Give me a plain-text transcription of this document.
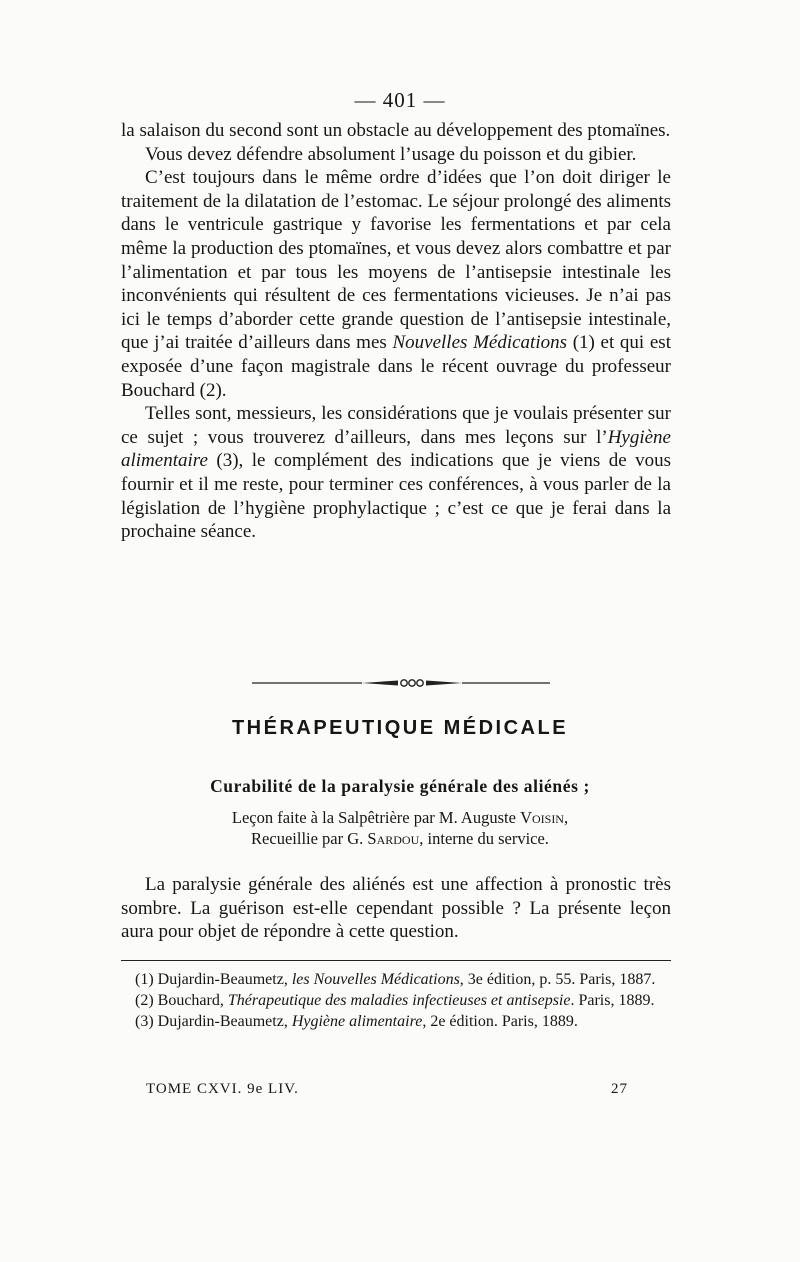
— 401 —

la salaison du second sont un obstacle au développement des ptomaïnes.

Vous devez défendre absolument l’usage du poisson et du gibier.

C’est toujours dans le même ordre d’idées que l’on doit diriger le traitement de la dilatation de l’estomac. Le séjour prolongé des aliments dans le ventricule gastrique y favorise les fermentations et par cela même la production des ptomaïnes, et vous devez alors combattre et par l’alimentation et par tous les moyens de l’antisepsie intestinale les inconvénients qui résultent de ces fermentations vicieuses. Je n’ai pas ici le temps d’aborder cette grande question de l’antisepsie intestinale, que j’ai traitée d’ailleurs dans mes Nouvelles Médications (1) et qui est exposée d’une façon magistrale dans le récent ouvrage du professeur Bouchard (2).

Telles sont, messieurs, les considérations que je voulais présenter sur ce sujet ; vous trouverez d’ailleurs, dans mes leçons sur l’Hygiène alimentaire (3), le complément des indications que je viens de vous fournir et il me reste, pour terminer ces conférences, à vous parler de la législation de l’hygiène prophylactique ; c’est ce que je ferai dans la prochaine séance.

THÉRAPEUTIQUE MÉDICALE
Curabilité de la paralysie générale des aliénés ;
Leçon faite à la Salpêtrière par M. Auguste Voisin,
Recueillie par G. Sardou, interne du service.

La paralysie générale des aliénés est une affection à pronostic très sombre. La guérison est-elle cependant possible ? La présente leçon aura pour objet de répondre à cette question.

(1) Dujardin-Beaumetz, les Nouvelles Médications, 3e édition, p. 55. Paris, 1887.

(2) Bouchard, Thérapeutique des maladies infectieuses et antisepsie. Paris, 1889.

(3) Dujardin-Beaumetz, Hygiène alimentaire, 2e édition. Paris, 1889.

TOME CXVI. 9e LIV.	27
